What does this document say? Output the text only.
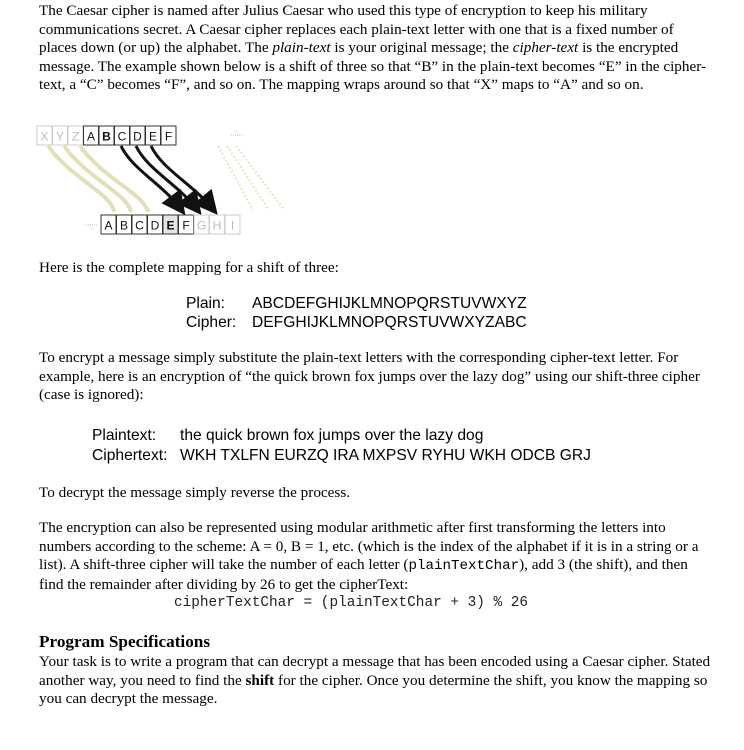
The Caesar cipher is named after Julius Caesar who used this type of encryption to keep his military communications secret. A Caesar cipher replaces each plain-text letter with one that is a fixed number of places down (or up) the alphabet. The plain-text is your original message; the cipher-text is the encrypted message. The example shown below is a shift of three so that “B” in the plain-text becomes “E” in the cipher-text, a “C” becomes “F”, and so on. The mapping wraps around so that “X” maps to “A” and so on.

X Y Z A B C D E F
A B C D E F G H I

Here is the complete mapping for a shift of three:

Plain: ABCDEFGHIJKLMNOPQRSTUVWXYZ
Cipher: DEFGHIJKLMNOPQRSTUVWXYZABC

To encrypt a message simply substitute the plain-text letters with the corresponding cipher-text letter. For example, here is an encryption of “the quick brown fox jumps over the lazy dog” using our shift-three cipher (case is ignored):

Plaintext: the quick brown fox jumps over the lazy dog
Ciphertext: WKH TXLFN EURZQ IRA MXPSV RYHU WKH ODCB GRJ

To decrypt the message simply reverse the process.

The encryption can also be represented using modular arithmetic after first transforming the letters into numbers according to the scheme: A = 0, B = 1, etc. (which is the index of the alphabet if it is in a string or a list). A shift-three cipher will take the number of each letter (plainTextChar), add 3 (the shift), and then find the remainder after dividing by 26 to get the cipherText:

cipherTextChar = (plainTextChar + 3) % 26
Program Specifications

Your task is to write a program that can decrypt a message that has been encoded using a Caesar cipher. Stated another way, you need to find the shift for the cipher. Once you determine the shift, you know the mapping so you can decrypt the message.
